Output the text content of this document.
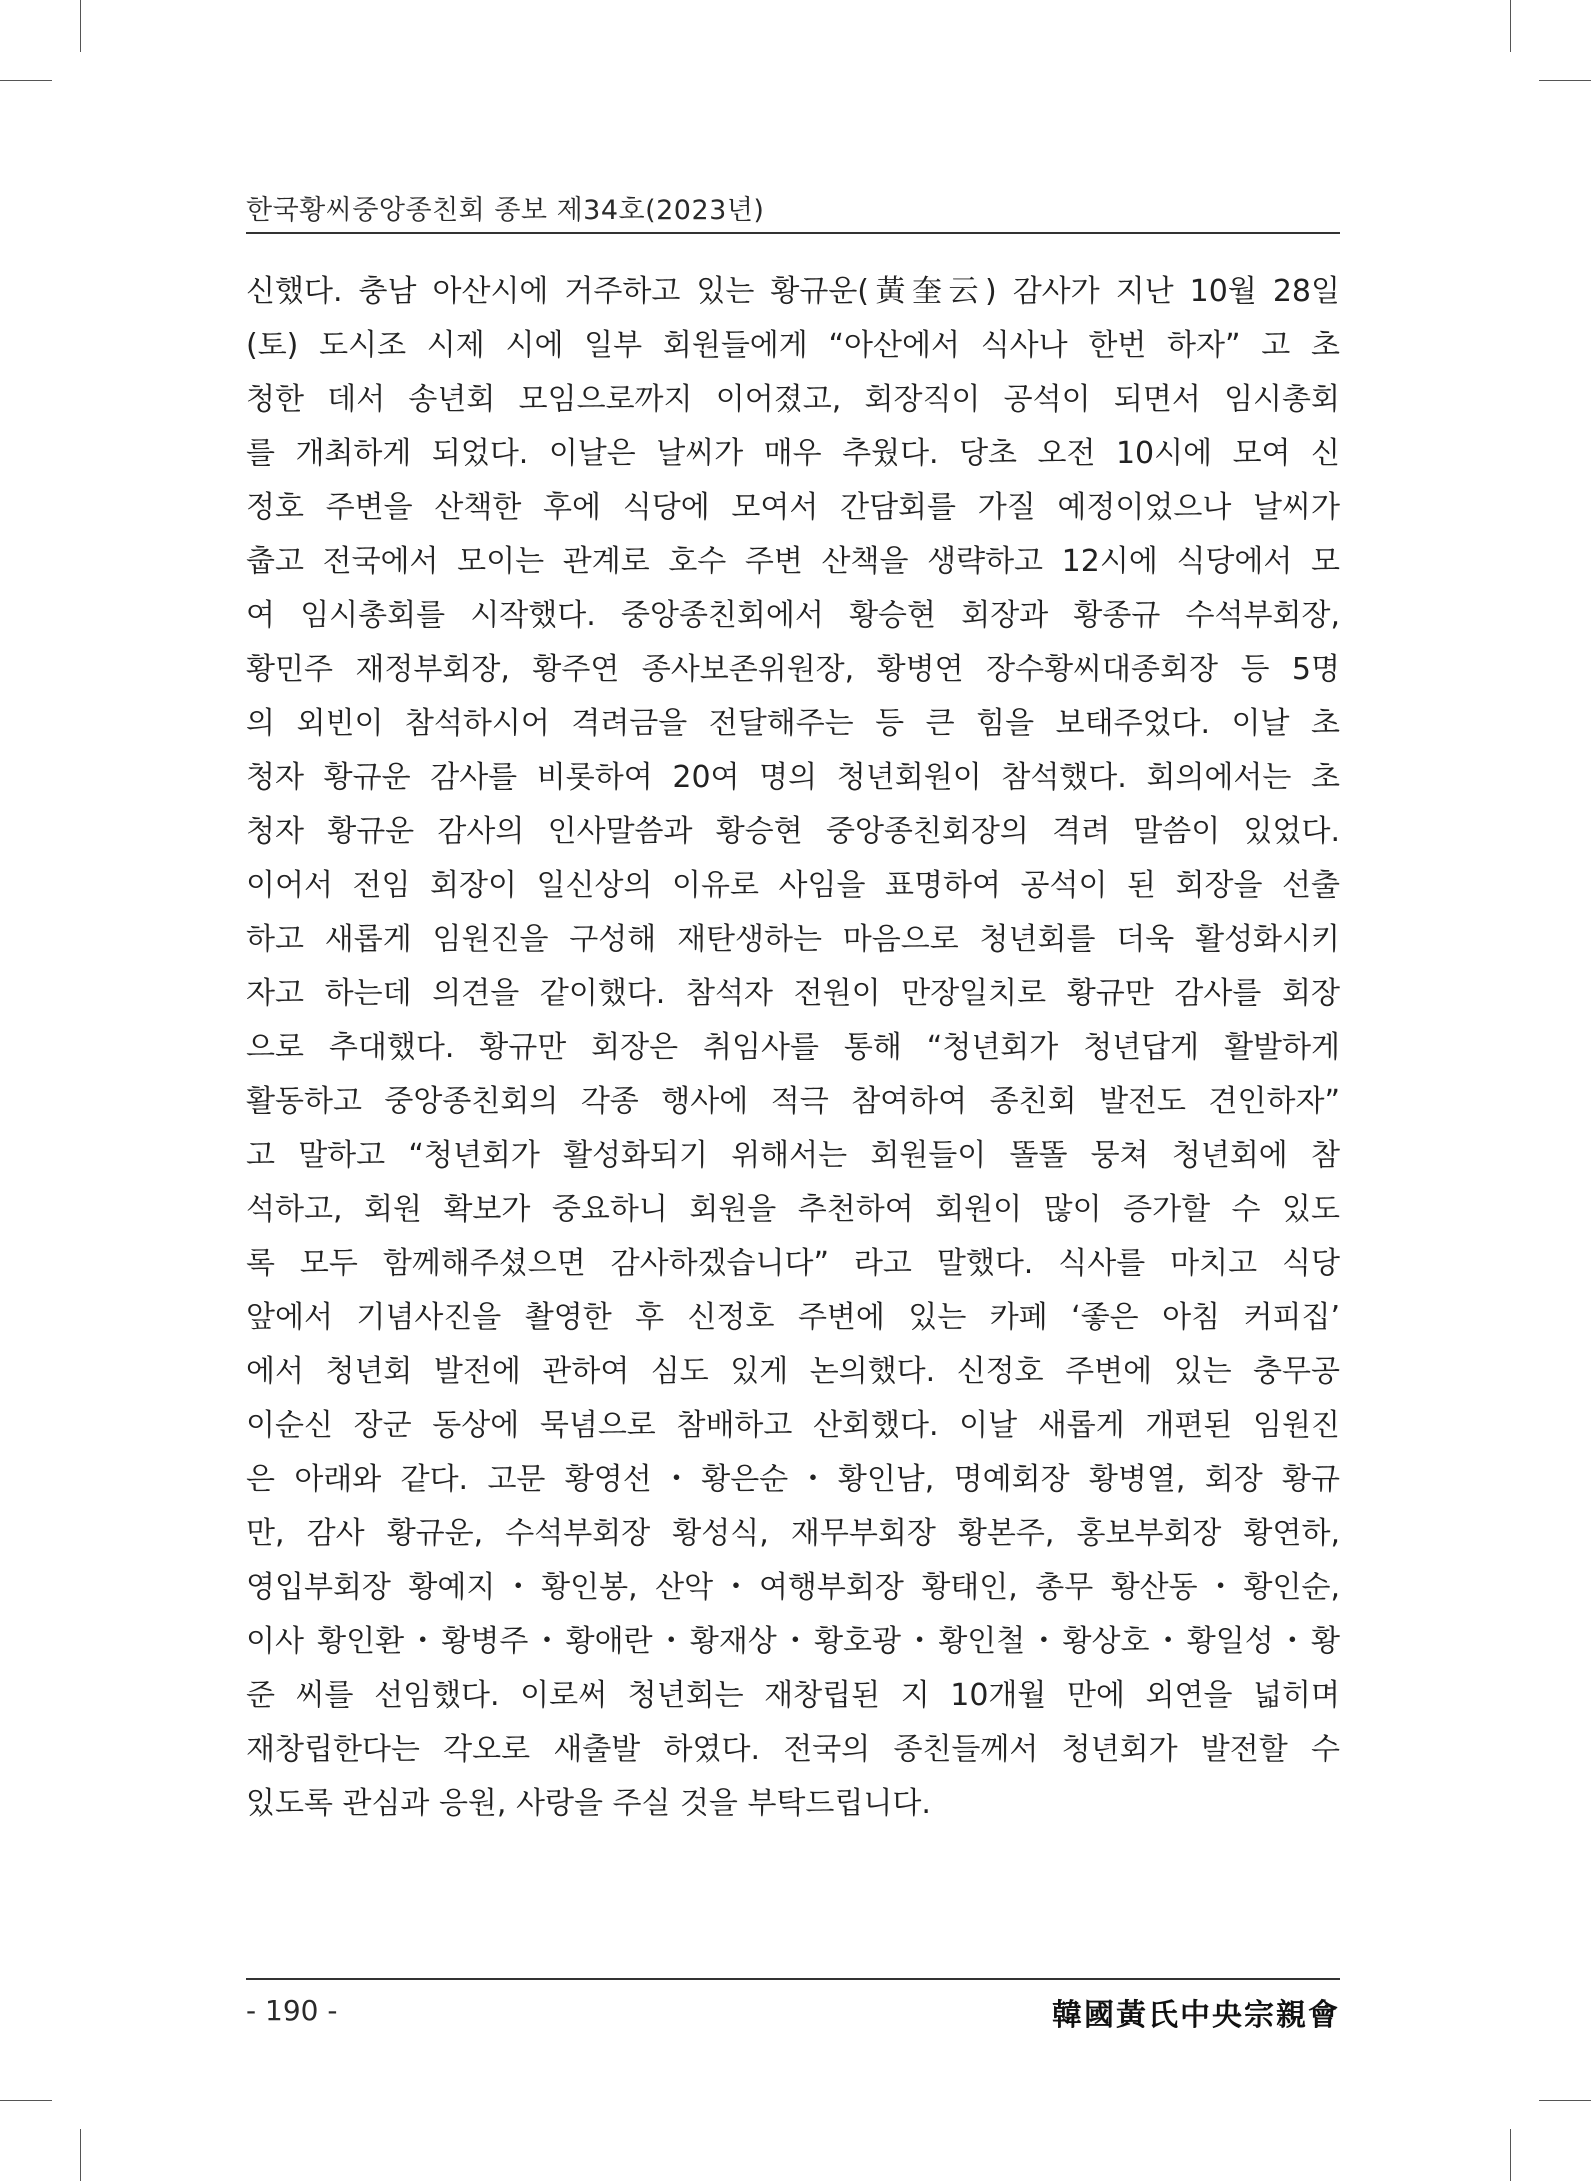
한국황씨중앙종친회 종보 제34호(2023년)
신했다. 충남 아산시에 거주하고 있는 황규운(黃奎云) 감사가 지난 10월 28일
(토) 도시조 시제 시에 일부 회원들에게 “아산에서 식사나 한번 하자” 고 초
청한 데서 송년회 모임으로까지 이어졌고, 회장직이 공석이 되면서 임시총회
를 개최하게 되었다. 이날은 날씨가 매우 추웠다. 당초 오전 10시에 모여 신
정호 주변을 산책한 후에 식당에 모여서 간담회를 가질 예정이었으나 날씨가
춥고 전국에서 모이는 관계로 호수 주변 산책을 생략하고 12시에 식당에서 모
여 임시총회를 시작했다. 중앙종친회에서 황승현 회장과 황종규 수석부회장,
황민주 재정부회장, 황주연 종사보존위원장, 황병연 장수황씨대종회장 등 5명
의 외빈이 참석하시어 격려금을 전달해주는 등 큰 힘을 보태주었다. 이날 초
청자 황규운 감사를 비롯하여 20여 명의 청년회원이 참석했다. 회의에서는 초
청자 황규운 감사의 인사말씀과 황승현 중앙종친회장의 격려 말씀이 있었다.
이어서 전임 회장이 일신상의 이유로 사임을 표명하여 공석이 된 회장을 선출
하고 새롭게 임원진을 구성해 재탄생하는 마음으로 청년회를 더욱 활성화시키
자고 하는데 의견을 같이했다. 참석자 전원이 만장일치로 황규만 감사를 회장
으로 추대했다. 황규만 회장은 취임사를 통해 “청년회가 청년답게 활발하게
활동하고 중앙종친회의 각종 행사에 적극 참여하여 종친회 발전도 견인하자”
고 말하고 “청년회가 활성화되기 위해서는 회원들이 똘똘 뭉쳐 청년회에 참
석하고, 회원 확보가 중요하니 회원을 추천하여 회원이 많이 증가할 수 있도
록 모두 함께해주셨으면 감사하겠습니다” 라고 말했다. 식사를 마치고 식당
앞에서 기념사진을 촬영한 후 신정호 주변에 있는 카페 ‘좋은 아침 커피집’
에서 청년회 발전에 관하여 심도 있게 논의했다. 신정호 주변에 있는 충무공
이순신 장군 동상에 묵념으로 참배하고 산회했다. 이날 새롭게 개편된 임원진
은 아래와 같다. 고문 황영선・황은순・황인남, 명예회장 황병열, 회장 황규
만, 감사 황규운, 수석부회장 황성식, 재무부회장 황본주, 홍보부회장 황연하,
영입부회장 황예지・황인봉, 산악・여행부회장 황태인, 총무 황산동・황인순,
이사 황인환・황병주・황애란・황재상・황호광・황인철・황상호・황일성・황
준 씨를 선임했다. 이로써 청년회는 재창립된 지 10개월 만에 외연을 넓히며
재창립한다는 각오로 새출발 하였다. 전국의 종친들께서 청년회가 발전할 수
있도록 관심과 응원, 사랑을 주실 것을 부탁드립니다.
- 190 -	韓國黃氏中央宗親會
